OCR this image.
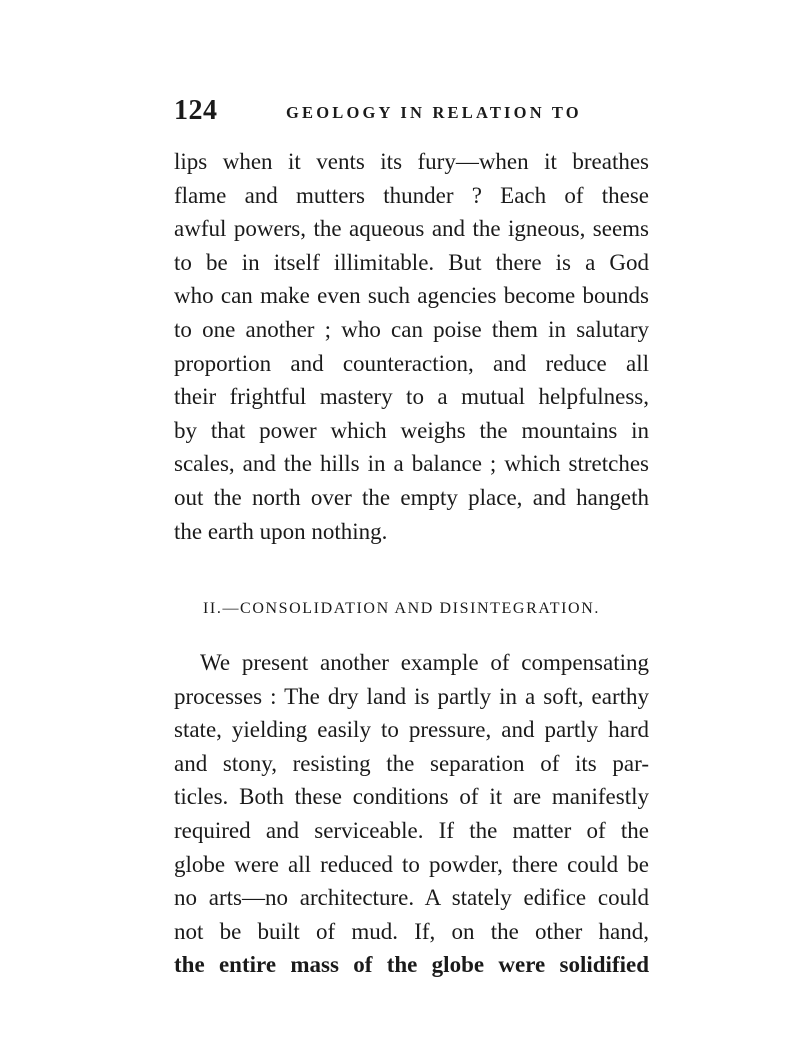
124	GEOLOGY IN RELATION TO
lips when it vents its fury—when it breathes
flame and mutters thunder ? Each of these
awful powers, the aqueous and the igneous, seems
to be in itself illimitable. But there is a God
who can make even such agencies become bounds
to one another ; who can poise them in salutary
proportion and counteraction, and reduce all
their frightful mastery to a mutual helpfulness,
by that power which weighs the mountains in
scales, and the hills in a balance ; which stretches
out the north over the empty place, and hangeth
the earth upon nothing.
II.—CONSOLIDATION AND DISINTEGRATION.
We present another example of compensating
processes : The dry land is partly in a soft, earthy
state, yielding easily to pressure, and partly hard
and stony, resisting the separation of its par-
ticles. Both these conditions of it are manifestly
required and serviceable. If the matter of the
globe were all reduced to powder, there could be
no arts—no architecture. A stately edifice could
not be built of mud. If, on the other hand,
the entire mass of the globe were solidified
